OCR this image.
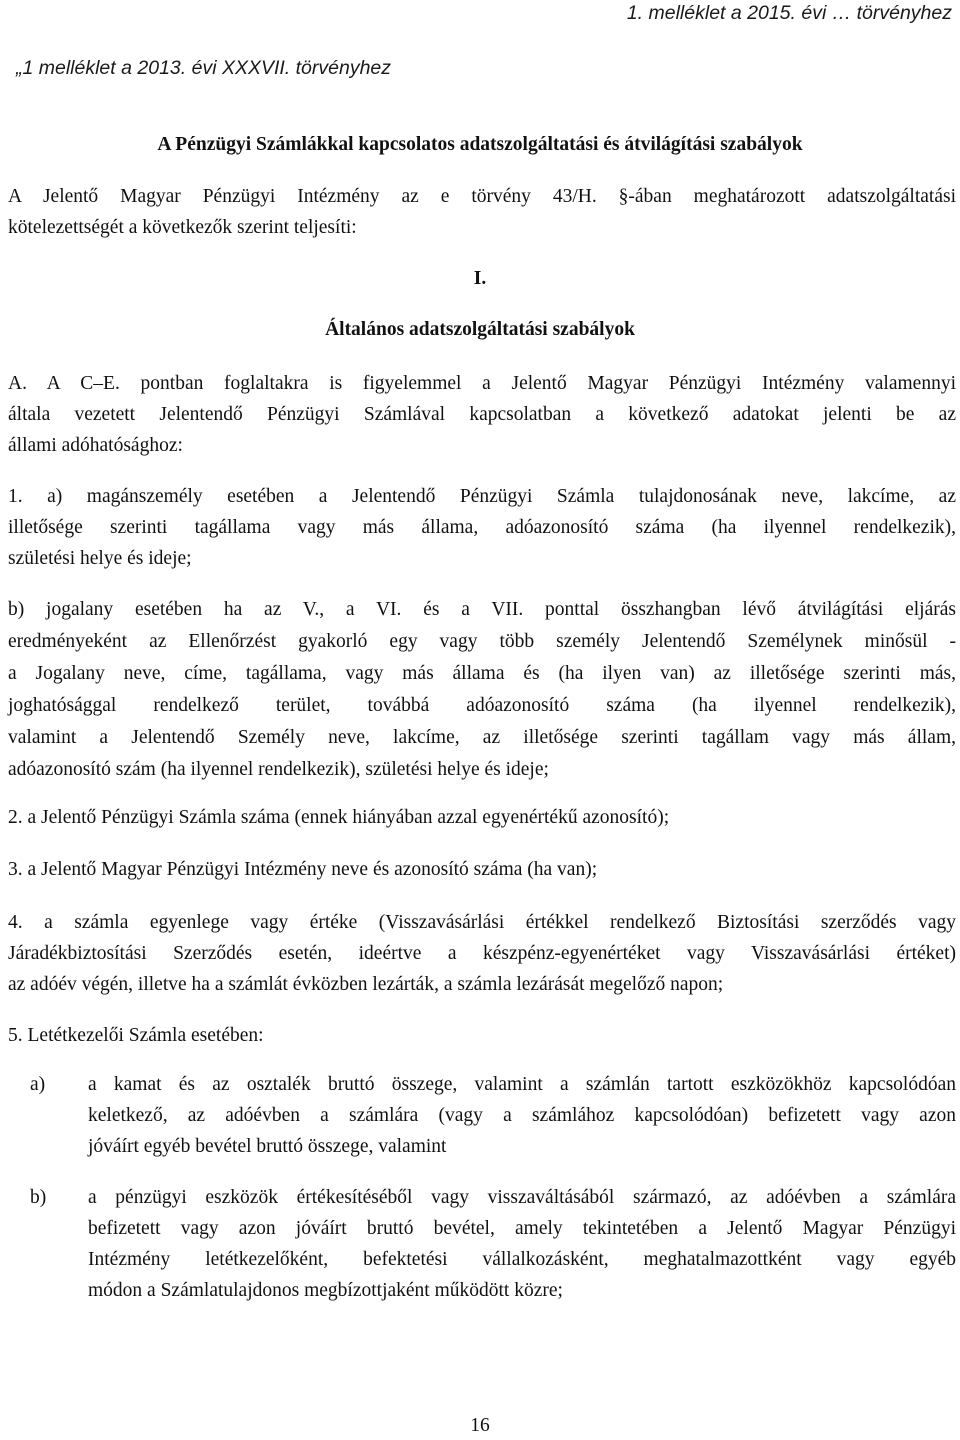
1. melléklet a 2015. évi … törvényhez
„1 melléklet a 2013. évi XXXVII. törvényhez
A Pénzügyi Számlákkal kapcsolatos adatszolgáltatási és átvilágítási szabályok
A Jelentő Magyar Pénzügyi Intézmény az e törvény 43/H. §-ában meghatározott adatszolgáltatási
kötelezettségét a következők szerint teljesíti:
I.
Általános adatszolgáltatási szabályok
A. A C–E. pontban foglaltakra is figyelemmel a Jelentő Magyar Pénzügyi Intézmény valamennyi
általa vezetett Jelentendő Pénzügyi Számlával kapcsolatban a következő adatokat jelenti be az
állami adóhatósághoz:
1. a) magánszemély esetében a Jelentendő Pénzügyi Számla tulajdonosának neve, lakcíme, az
illetősége szerinti tagállama vagy más állama, adóazonosító száma (ha ilyennel rendelkezik),
születési helye és ideje;
b) jogalany esetében ha az V., a VI. és a VII. ponttal összhangban lévő átvilágítási eljárás
eredményeként az Ellenőrzést gyakorló egy vagy több személy Jelentendő Személynek minősül -
a Jogalany neve, címe, tagállama, vagy más állama és (ha ilyen van) az illetősége szerinti más,
joghatósággal rendelkező terület, továbbá adóazonosító száma (ha ilyennel rendelkezik),
valamint a Jelentendő Személy neve, lakcíme, az illetősége szerinti tagállam vagy más állam,
adóazonosító szám (ha ilyennel rendelkezik), születési helye és ideje;
2. a Jelentő Pénzügyi Számla száma (ennek hiányában azzal egyenértékű azonosító);
3. a Jelentő Magyar Pénzügyi Intézmény neve és azonosító száma (ha van);
4. a számla egyenlege vagy értéke (Visszavásárlási értékkel rendelkező Biztosítási szerződés vagy
Járadékbiztosítási Szerződés esetén, ideértve a készpénz-egyenértéket vagy Visszavásárlási értéket)
az adóév végén, illetve ha a számlát évközben lezárták, a számla lezárását megelőző napon;
5. Letétkezelői Számla esetében:
a) a kamat és az osztalék bruttó összege, valamint a számlán tartott eszközökhöz kapcsolódóan
keletkező, az adóévben a számlára (vagy a számlához kapcsolódóan) befizetett vagy azon
jóváírt egyéb bevétel bruttó összege, valamint
b) a pénzügyi eszközök értékesítéséből vagy visszaváltásából származó, az adóévben a számlára
befizetett vagy azon jóváírt bruttó bevétel, amely tekintetében a Jelentő Magyar Pénzügyi
Intézmény letétkezelőként, befektetési vállalkozásként, meghatalmazottként vagy egyéb
módon a Számlatulajdonos megbízottjaként működött közre;
16
